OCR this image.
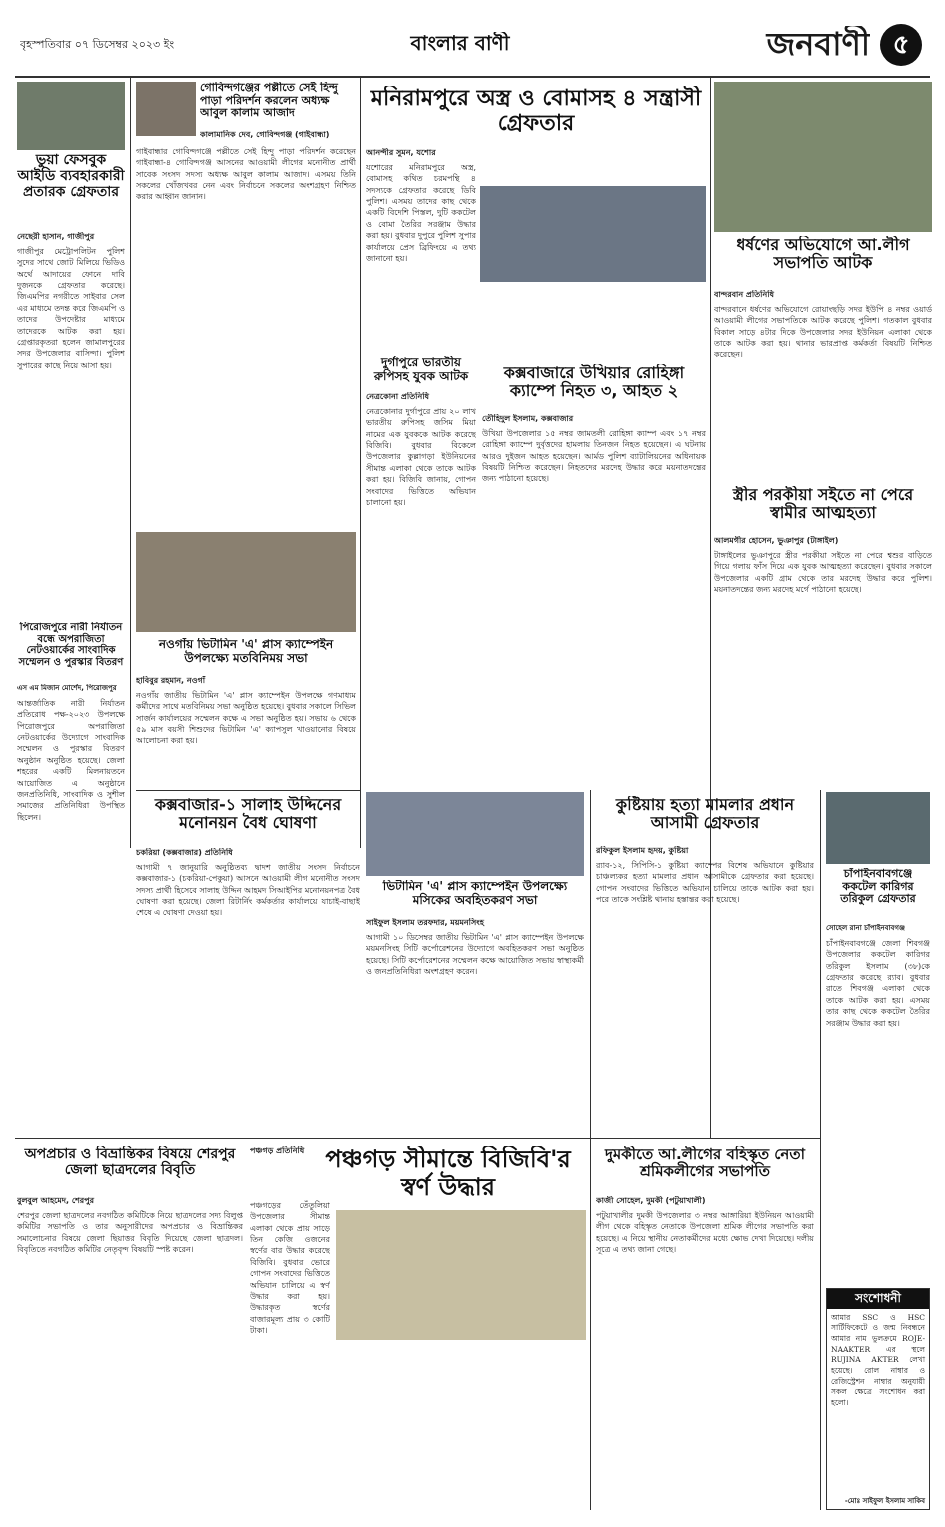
বৃহস্পতিবার ০৭ ডিসেম্বর ২০২৩ ইং	বাংলার বাণী	জনবাণী ৫
ভুয়া ফেসবুক আইডি ব্যবহারকারী প্রতারক গ্রেফতার
নেছেরী হাসান, গাজীপুর
গাজীপুর মেট্রোপলিটন পুলিশ সুদের সাথে জোট মিলিয়ে ভিডিও অর্থে আদায়ের ফোনে দাবি দুজনকে গ্রেফতার করেছে। জিএমপির নগরীতে সাইবার সেল এর মাধ্যমে তদন্ত করে জিএমপি ও তাদের উপদেষ্টার মাধ্যমে তাদেরকে আটক করা হয়। গ্রেপ্তারকৃতরা হলেন জামালপুরের সদর উপজেলার বাসিন্দা। পুলিশ সুপারের কাছে নিয়ে আসা হয়।
গোবিন্দগঞ্জের পল্লীতে সেই হিন্দু পাড়া পরিদর্শন করলেন অধ্যক্ষ আবুল কালাম আজাদ
কালামানিক দেব, গোবিন্দগঞ্জ (গাইবান্ধা)
গাইবান্ধার গোবিন্দগঞ্জে পল্লীতে সেই হিন্দু পাড়া পরিদর্শন করেছেন গাইবান্ধা-৪ গোবিন্দগঞ্জ আসনের আওয়ামী লীগের মনোনীত প্রার্থী সাবেক সংসদ সদস্য অধ্যক্ষ আবুল কালাম আজাদ। এসময় তিনি সকলের খোঁজখবর নেন এবং নির্বাচনে সকলের অংশগ্রহণ নিশ্চিত করার আহ্বান জানান।
নওগাঁয় ভিটামিন 'এ' প্লাস ক্যাম্পেইন উপলক্ষ্যে মতবিনিময় সভা
হাবিবুর রহমান, নওগাঁ
নওগাঁয় জাতীয় ভিটামিন 'এ' প্লাস ক্যাম্পেইন উপলক্ষে গণমাধ্যম কর্মীদের সাথে মতবিনিময় সভা অনুষ্ঠিত হয়েছে। বুধবার সকালে সিভিল সার্জন কার্যালয়ের সম্মেলন কক্ষে এ সভা অনুষ্ঠিত হয়। সভায় ৬ থেকে ৫৯ মাস বয়সী শিশুদের ভিটামিন 'এ' ক্যাপসুল খাওয়ানোর বিষয়ে আলোচনা করা হয়।
পিরোজপুরে নারী নির্যাতন বন্ধে অপরাজিতা নেটওয়ার্কের সাংবাদিক সম্মেলন ও পুরস্কার বিতরণ
এস এম মিজান মোর্শেদ, পিরোজপুর
আন্তর্জাতিক নারী নির্যাতন প্রতিরোধ পক্ষ-২০২৩ উপলক্ষে পিরোজপুরে অপরাজিতা নেটওয়ার্কের উদ্যোগে সাংবাদিক সম্মেলন ও পুরস্কার বিতরণ অনুষ্ঠান অনুষ্ঠিত হয়েছে। জেলা শহরের একটি মিলনায়তনে আয়োজিত এ অনুষ্ঠানে জনপ্রতিনিধি, সাংবাদিক ও সুশীল সমাজের প্রতিনিধিরা উপস্থিত ছিলেন।
মনিরামপুরে অস্ত্র ও বোমাসহ ৪ সন্ত্রাসী গ্রেফতার
আনন্দীর সুমন, যশোর
যশোরের মনিরামপুরে অস্ত্র, বোমাসহ কথিত চরমপন্থি ৪ সদস্যকে গ্রেফতার করেছে ডিবি পুলিশ। এসময় তাদের কাছ থেকে একটি বিদেশি পিস্তল, দুটি ককটেল ও বোমা তৈরির সরঞ্জাম উদ্ধার করা হয়। বুধবার দুপুরে পুলিশ সুপার কার্যালয়ে প্রেস ব্রিফিংয়ে এ তথ্য জানানো হয়।
দুর্গাপুরে ভারতীয় রুপিসহ যুবক আটক
নেত্রকোনা প্রতিনিধি
নেত্রকোনার দুর্গাপুরে প্রায় ২০ লাখ ভারতীয় রুপিসহ জসিম মিয়া নামের এক যুবককে আটক করেছে বিজিবি। বুধবার বিকেলে উপজেলার কুল্লাগড়া ইউনিয়নের সীমান্ত এলাকা থেকে তাকে আটক করা হয়। বিজিবি জানায়, গোপন সংবাদের ভিত্তিতে অভিযান চালানো হয়।
কক্সবাজারে উখিয়ার রোহিঙ্গা ক্যাম্পে নিহত ৩, আহত ২
তৌহিদুল ইসলাম, কক্সবাজার
উখিয়া উপজেলার ১৫ নম্বর জামতলী রোহিঙ্গা ক্যাম্প এবং ১৭ নম্বর রোহিঙ্গা ক্যাম্পে দুর্বৃত্তদের হামলায় তিনজন নিহত হয়েছেন। এ ঘটনায় আরও দুইজন আহত হয়েছেন। আর্মড পুলিশ ব্যাটালিয়নের অধিনায়ক বিষয়টি নিশ্চিত করেছেন। নিহতদের মরদেহ উদ্ধার করে ময়নাতদন্তের জন্য পাঠানো হয়েছে।
ধর্ষণের অভিযোগে আ.লীগ সভাপতি আটক
বান্দরবান প্রতিনিধি
বান্দরবানে ধর্ষণের অভিযোগে রোয়াংছড়ি সদর ইউপি ৪ নম্বর ওয়ার্ড আওয়ামী লীগের সভাপতিকে আটক করেছে পুলিশ। গতকাল বুধবার বিকাল সাড়ে ৪টার দিকে উপজেলার সদর ইউনিয়ন এলাকা থেকে তাকে আটক করা হয়। থানার ভারপ্রাপ্ত কর্মকর্তা বিষয়টি নিশ্চিত করেছেন।
স্ত্রীর পরকীয়া সইতে না পেরে স্বামীর আত্মহত্যা
আলমগীর হোসেন, ভুঞাপুর (টাঙ্গাইল)
টাঙ্গাইলের ভুঞাপুরে স্ত্রীর পরকীয়া সইতে না পেরে শ্বশুর বাড়িতে গিয়ে গলায় ফাঁস দিয়ে এক যুবক আত্মহত্যা করেছেন। বুধবার সকালে উপজেলার একটি গ্রাম থেকে তার মরদেহ উদ্ধার করে পুলিশ। ময়নাতদন্তের জন্য মরদেহ মর্গে পাঠানো হয়েছে।
কক্সবাজার-১ সালাহ উদ্দিনের মনোনয়ন বৈধ ঘোষণা
চকরিয়া (কক্সবাজার) প্রতিনিধি
আগামী ৭ জানুয়ারি অনুষ্ঠিতব্য দ্বাদশ জাতীয় সংসদ নির্বাচনে কক্সবাজার-১ (চকরিয়া-পেকুয়া) আসনে আওয়ামী লীগ মনোনীত সংসদ সদস্য প্রার্থী হিসেবে সালাহ উদ্দিন আহমদ সিআইপির মনোনয়নপত্র বৈধ ঘোষণা করা হয়েছে। জেলা রিটার্নিং কর্মকর্তার কার্যালয়ে যাচাই-বাছাই শেষে এ ঘোষণা দেওয়া হয়।
ভিটামিন 'এ' প্লাস ক্যাম্পেইন উপলক্ষ্যে মসিকের অবহিতকরণ সভা
সাইফুল ইসলাম তরফদার, ময়মনসিংহ
আগামী ১০ ডিসেম্বর জাতীয় ভিটামিন 'এ' প্লাস ক্যাম্পেইন উপলক্ষে ময়মনসিংহ সিটি কর্পোরেশনের উদ্যোগে অবহিতকরণ সভা অনুষ্ঠিত হয়েছে। সিটি কর্পোরেশনের সম্মেলন কক্ষে আয়োজিত সভায় স্বাস্থ্যকর্মী ও জনপ্রতিনিধিরা অংশগ্রহণ করেন।
কুষ্টিয়ায় হত্যা মামলার প্রধান আসামী গ্রেফতার
রফিকুল ইসলাম হৃদয়, কুষ্টিয়া
র‌্যাব-১২, সিপিসি-১ কুষ্টিয়া ক্যাম্পের বিশেষ অভিযানে কুষ্টিয়ার চাঞ্চল্যকর হত্যা মামলার প্রধান আসামীকে গ্রেফতার করা হয়েছে। গোপন সংবাদের ভিত্তিতে অভিযান চালিয়ে তাকে আটক করা হয়। পরে তাকে সংশ্লিষ্ট থানায় হস্তান্তর করা হয়েছে।
চাঁপাইনবাবগঞ্জে ককটেল কারিগর তরিকুল গ্রেফতার
সোহেল রানা চাঁপাইনবাবগঞ্জ
চাঁপাইনবাবগঞ্জে জেলা শিবগঞ্জ উপজেলার ককটেল কারিগর তরিকুল ইসলাম (৩৮)কে গ্রেফতার করেছে র‌্যাব। বুধবার রাতে শিবগঞ্জ এলাকা থেকে তাকে আটক করা হয়। এসময় তার কাছ থেকে ককটেল তৈরির সরঞ্জাম উদ্ধার করা হয়।
অপপ্রচার ও বিভ্রান্তিকর বিষয়ে শেরপুর জেলা ছাত্রদলের বিবৃতি
বুলবুল আহমেদ, শেরপুর
শেরপুর জেলা ছাত্রদলের নবগঠিত কমিটিকে নিয়ে ছাত্রদলের সদ্য বিলুপ্ত কমিটির সভাপতি ও তার অনুসারীদের অপপ্রচার ও বিভ্রান্তিকর সমালোচনার বিষয়ে জেলা ছিয়াত্তর বিবৃতি দিয়েছে জেলা ছাত্রদল। বিবৃতিতে নবগঠিত কমিটির নেতৃবৃন্দ বিষয়টি স্পষ্ট করেন।
পঞ্চগড় প্রতিনিধি পঞ্চগড় সীমান্তে বিজিবি'র স্বর্ণ উদ্ধার
পঞ্চগড়ের তেঁতুলিয়া উপজেলার সীমান্ত এলাকা থেকে প্রায় সাড়ে তিন কেজি ওজনের স্বর্ণের বার উদ্ধার করেছে বিজিবি। বুধবার ভোরে গোপন সংবাদের ভিত্তিতে অভিযান চালিয়ে এ স্বর্ণ উদ্ধার করা হয়। উদ্ধারকৃত স্বর্ণের বাজারমূল্য প্রায় ৩ কোটি টাকা।
দুমকীতে আ.লীগের বহিস্কৃত নেতা শ্রমিকলীগের সভাপতি
কাজী সোহেল, দুমকী (পটুয়াখালী)
পটুয়াখালীর দুমকী উপজেলার ৩ নম্বর আঙ্গারিয়া ইউনিয়ন আওয়ামী লীগ থেকে বহিস্কৃত নেতাকে উপজেলা শ্রমিক লীগের সভাপতি করা হয়েছে। এ নিয়ে স্থানীয় নেতাকর্মীদের মধ্যে ক্ষোভ দেখা দিয়েছে। দলীয় সূত্রে এ তথ্য জানা গেছে।
সংশোধনী
আমার SSC ও HSC সার্টিফিকেটে ও জন্ম নিবন্ধনে আমার নাম ভুলক্রমে ROJE-NAAKTER এর স্থলে RUJINA AKTER লেখা হয়েছে। রোল নাম্বার ও রেজিস্ট্রেশন নাম্বার অনুযায়ী সকল ক্ষেত্রে সংশোধন করা হলো।
-মোঃ সাইফুল ইসলাম সাকিব
